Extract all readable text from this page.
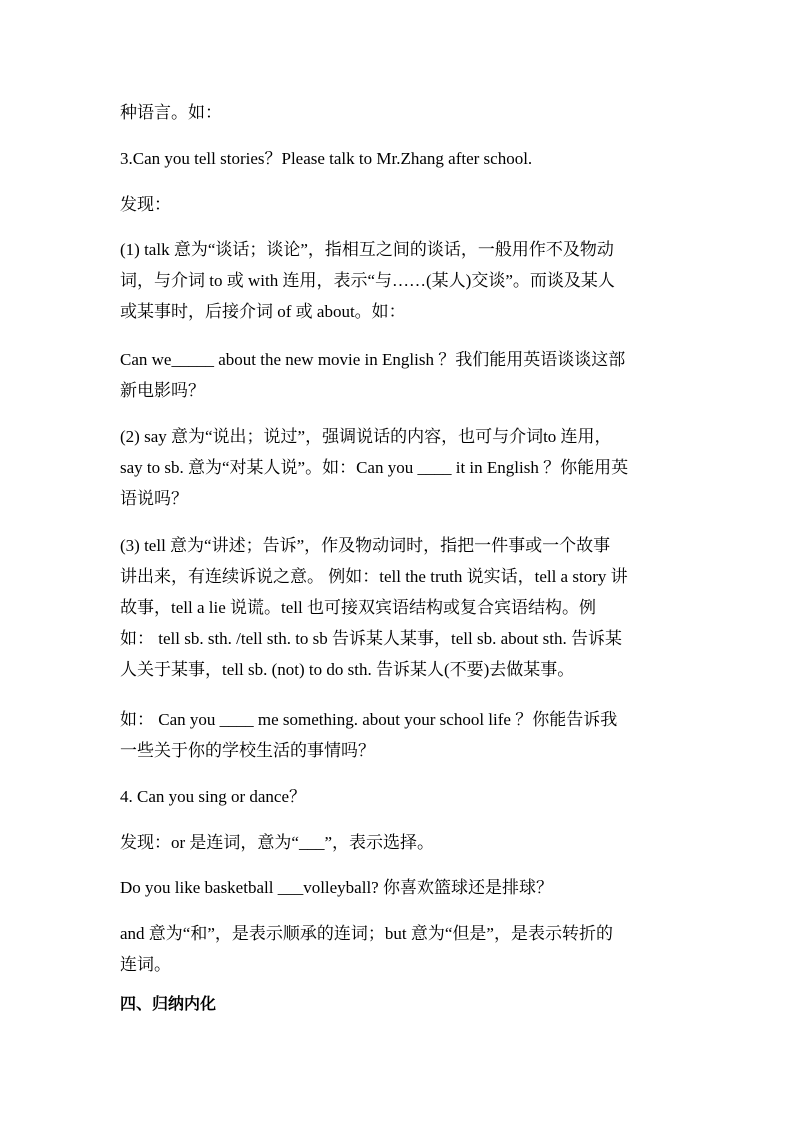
种语言。如：

3.Can you tell stories？Please talk to Mr.Zhang after school.

发现：

(1) talk 意为“谈话；谈论”，指相互之间的谈话，一般用作不及物动
词，与介词 to 或 with 连用，表示“与……(某人)交谈”。而谈及某人
或某事时，后接介词 of 或 about。如：

Can we_____ about the new movie in English ？我们能用英语谈谈这部
新电影吗？

(2) say 意为“说出；说过”，强调说话的内容，也可与介词to 连用，
say to sb. 意为“对某人说”。如：Can you ____ it in English ？你能用英
语说吗？

(3) tell 意为“讲述；告诉”，作及物动词时，指把一件事或一个故事
讲出来，有连续诉说之意。 例如：tell the truth 说实话，tell a story 讲
故事，tell a lie 说谎。tell 也可接双宾语结构或复合宾语结构。例
如： tell sb. sth. /tell sth. to sb 告诉某人某事，tell sb. about sth. 告诉某
人关于某事，tell sb. (not) to do sth. 告诉某人(不要)去做某事。

如： Can you ____ me something. about your school life ？你能告诉我
一些关于你的学校生活的事情吗？

4. Can you sing or dance？

发现：or 是连词，意为“___”，表示选择。

Do you like basketball ___volleyball? 你喜欢篮球还是排球？

and 意为“和”，是表示顺承的连词；but 意为“但是”，是表示转折的
连词。

四、归纳内化
